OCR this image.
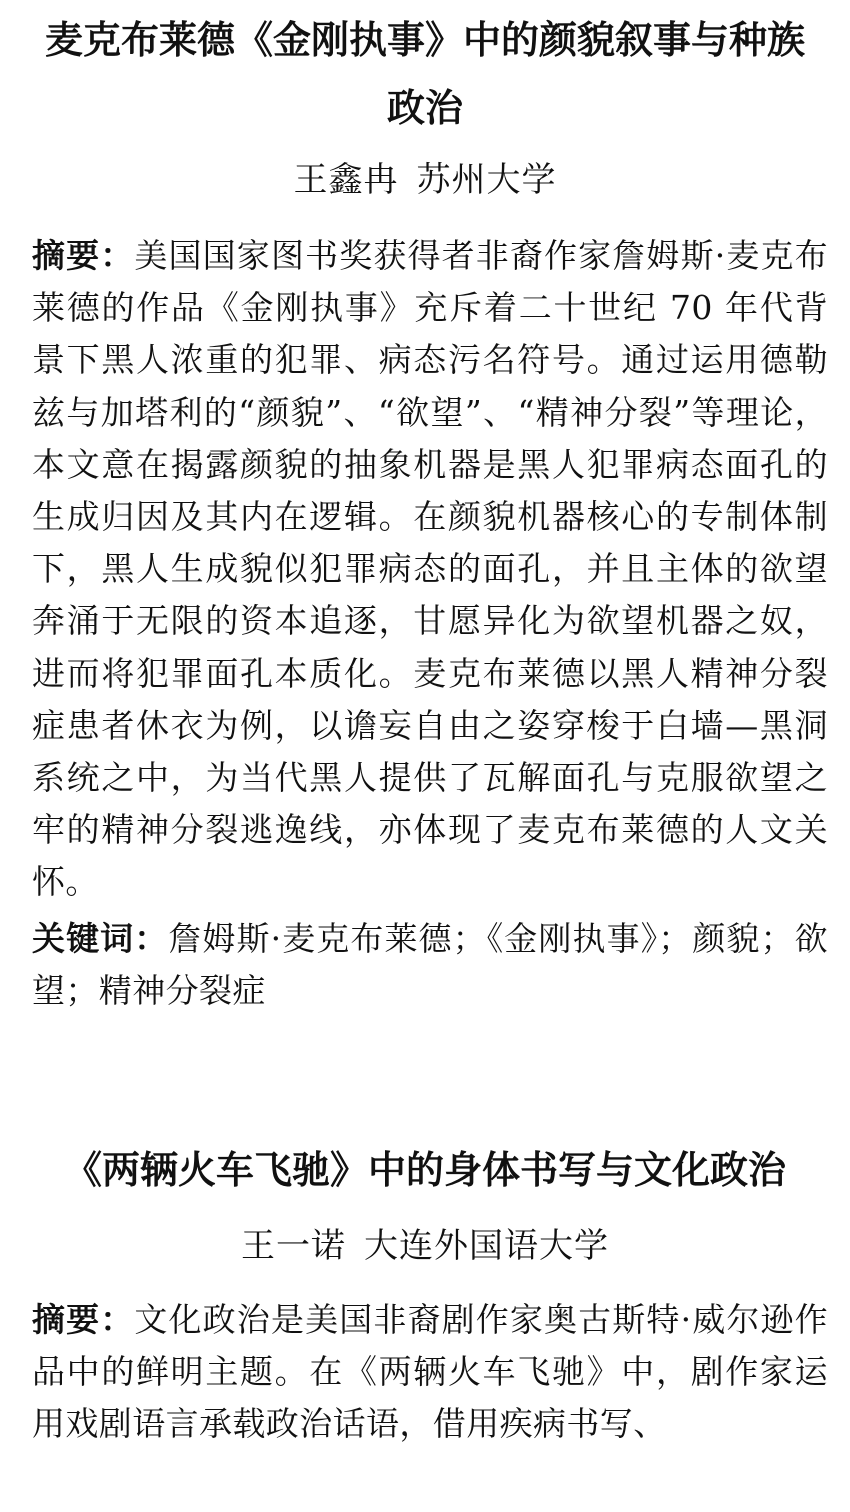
麦克布莱德《金刚执事》中的颜貌叙事与种族政治

王鑫冉 苏州大学

摘要：美国国家图书奖获得者非裔作家詹姆斯·麦克布莱德的作品《金刚执事》充斥着二十世纪 70 年代背景下黑人浓重的犯罪、病态污名符号。通过运用德勒兹与加塔利的“颜貌”、“欲望”、“精神分裂”等理论，本文意在揭露颜貌的抽象机器是黑人犯罪病态面孔的生成归因及其内在逻辑。在颜貌机器核心的专制体制下，黑人生成貌似犯罪病态的面孔，并且主体的欲望奔涌于无限的资本追逐，甘愿异化为欲望机器之奴，进而将犯罪面孔本质化。麦克布莱德以黑人精神分裂症患者休衣为例，以谵妄自由之姿穿梭于白墙—黑洞系统之中，为当代黑人提供了瓦解面孔与克服欲望之牢的精神分裂逃逸线，亦体现了麦克布莱德的人文关怀。

关键词：詹姆斯·麦克布莱德；《金刚执事》；颜貌；欲望；精神分裂症

《两辆火车飞驰》中的身体书写与文化政治

王一诺 大连外国语大学

摘要：文化政治是美国非裔剧作家奥古斯特·威尔逊作品中的鲜明主题。在《两辆火车飞驰》中，剧作家运用戏剧语言承载政治话语，借用疾病书写、
